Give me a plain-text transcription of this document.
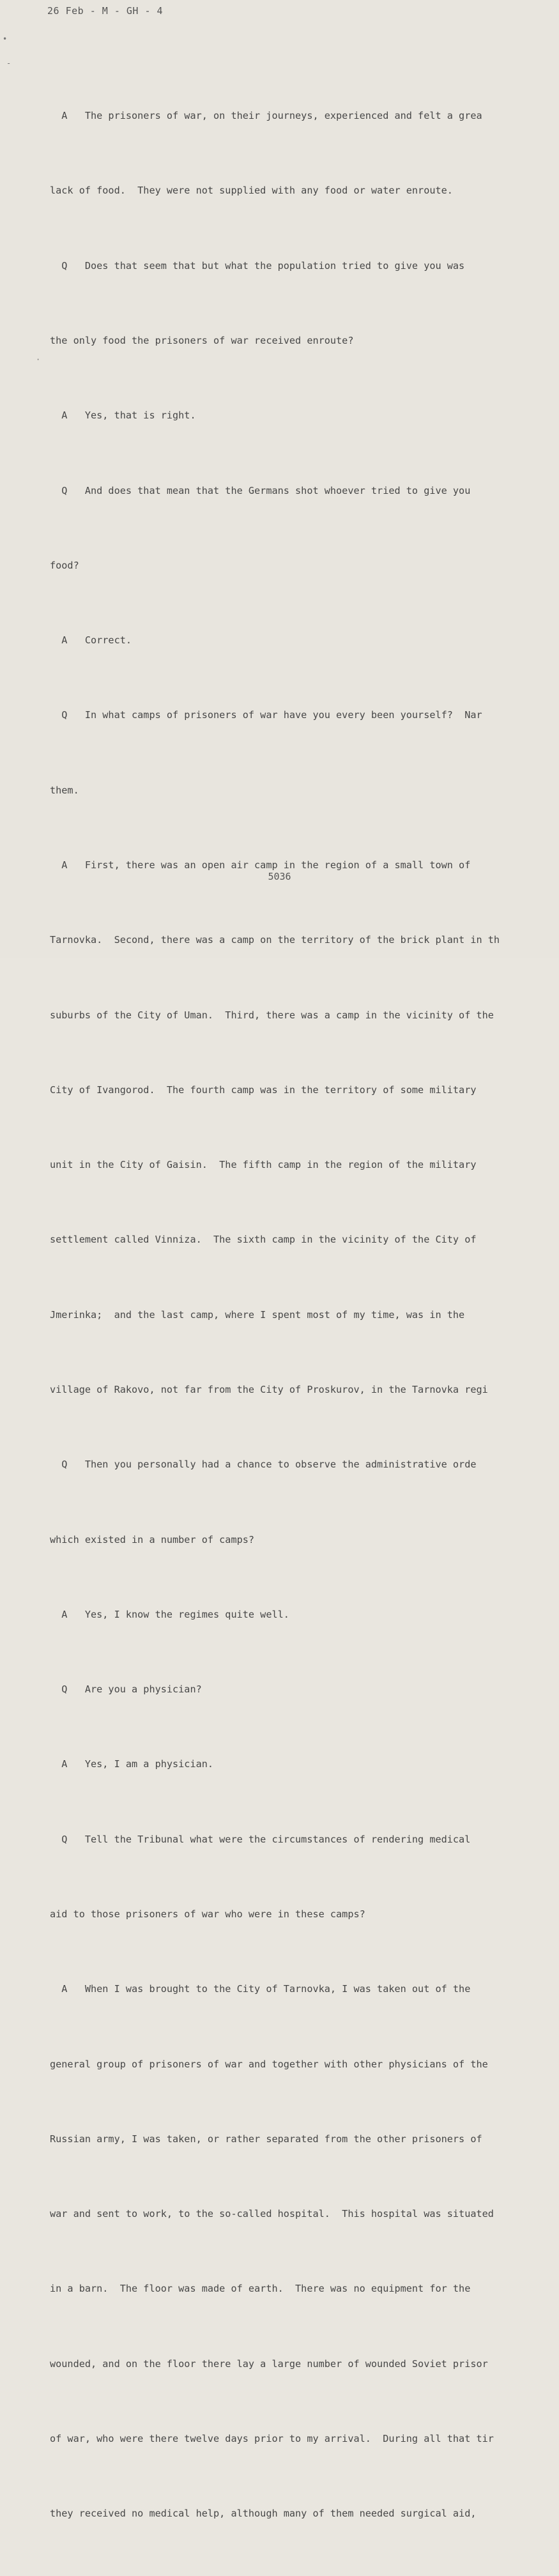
26 Feb - M - GH - 4
•
-
·

A   The prisoners of war, on their journeys, experienced and felt a grea

lack of food.  They were not supplied with any food or water enroute.

Q   Does that seem that but what the population tried to give you was

the only food the prisoners of war received enroute?

A   Yes, that is right.

Q   And does that mean that the Germans shot whoever tried to give you

food?

A   Correct.

Q   In what camps of prisoners of war have you every been yourself?  Nar

them.

A   First, there was an open air camp in the region of a small town of

Tarnovka.  Second, there was a camp on the territory of the brick plant in th

suburbs of the City of Uman.  Third, there was a camp in the vicinity of the

City of Ivangorod.  The fourth camp was in the territory of some military

unit in the City of Gaisin.  The fifth camp in the region of the military

settlement called Vinniza.  The sixth camp in the vicinity of the City of

Jmerinka;  and the last camp, where I spent most of my time, was in the

village of Rakovo, not far from the City of Proskurov, in the Tarnovka regi

Q   Then you personally had a chance to observe the administrative orde

which existed in a number of camps?

A   Yes, I know the regimes quite well.

Q   Are you a physician?

A   Yes, I am a physician.

Q   Tell the Tribunal what were the circumstances of rendering medical

aid to those prisoners of war who were in these camps?

A   When I was brought to the City of Tarnovka, I was taken out of the

general group of prisoners of war and together with other physicians of the

Russian army, I was taken, or rather separated from the other prisoners of

war and sent to work, to the so-called hospital.  This hospital was situated

in a barn.  The floor was made of earth.  There was no equipment for the

wounded, and on the floor there lay a large number of wounded Soviet prisor

of war, who were there twelve days prior to my arrival.  During all that tir

they received no medical help, although many of them needed surgical aid,

5036
